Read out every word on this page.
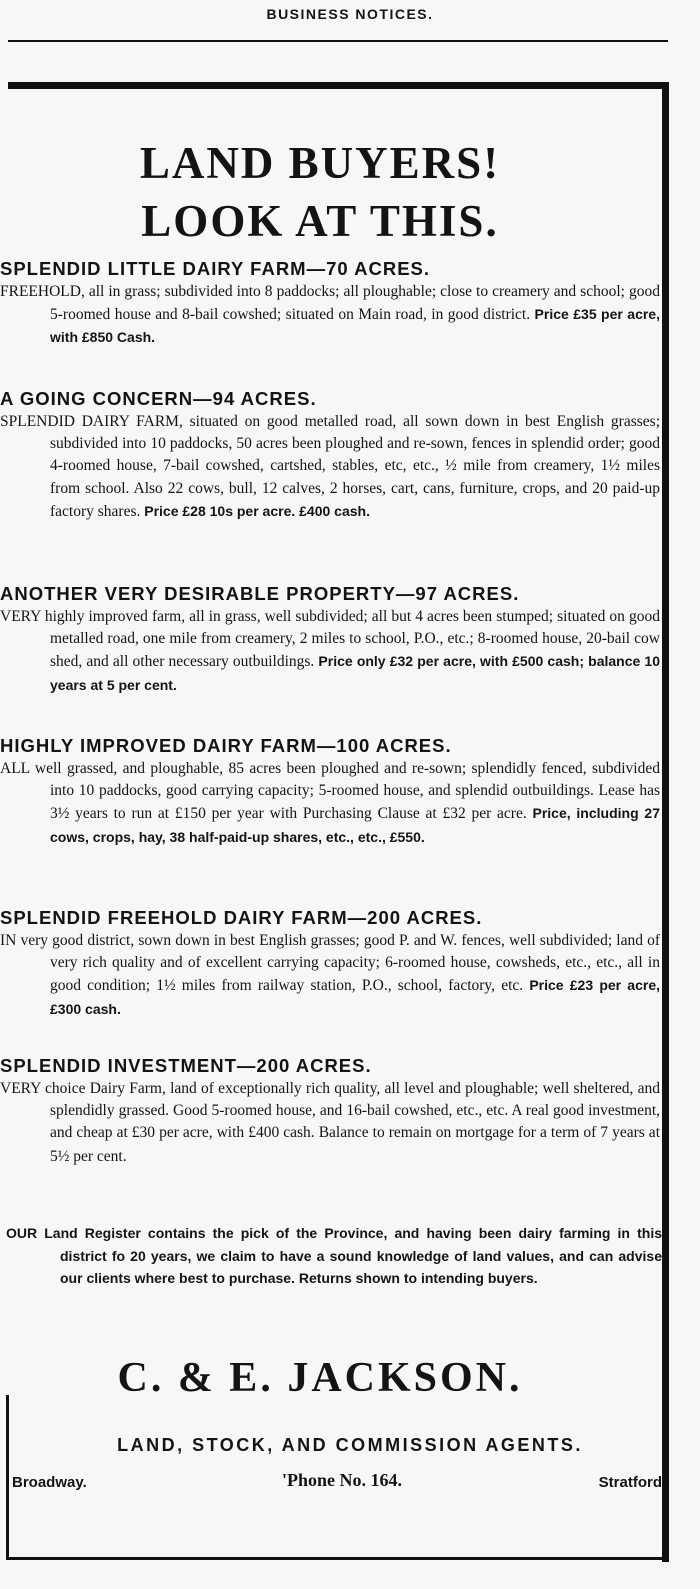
BUSINESS NOTICES.
LAND BUYERS!
LOOK AT THIS.
SPLENDID LITTLE DAIRY FARM—70 ACRES.
FREEHOLD, all in grass; subdivided into 8 paddocks; all ploughable; close to creamery and school; good 5-roomed house and 8-bail cowshed; situated on Main road, in good district. Price £35 per acre, with £850 Cash.
A GOING CONCERN—94 ACRES.
SPLENDID DAIRY FARM, situated on good metalled road, all sown down in best English grasses; subdivided into 10 paddocks, 50 acres been ploughed and re-sown, fences in splendid order; good 4-roomed house, 7-bail cowshed, cartshed, stables, etc, etc., ½ mile from creamery, 1½ miles from school. Also 22 cows, bull, 12 calves, 2 horses, cart, cans, furniture, crops, and 20 paid-up factory shares. Price £28 10s per acre. £400 cash.
ANOTHER VERY DESIRABLE PROPERTY—97 ACRES.
VERY highly improved farm, all in grass, well subdivided; all but 4 acres been stumped; situated on good metalled road, one mile from creamery, 2 miles to school, P.O., etc.; 8-roomed house, 20-bail cow shed, and all other necessary outbuildings. Price only £32 per acre, with £500 cash; balance 10 years at 5 per cent.
HIGHLY IMPROVED DAIRY FARM—100 ACRES.
ALL well grassed, and ploughable, 85 acres been ploughed and re-sown; splendidly fenced, subdivided into 10 paddocks, good carrying capacity; 5-roomed house, and splendid outbuildings. Lease has 3½ years to run at £150 per year with Purchasing Clause at £32 per acre. Price, including 27 cows, crops, hay, 38 half-paid-up shares, etc., etc., £550.
SPLENDID FREEHOLD DAIRY FARM—200 ACRES.
IN very good district, sown down in best English grasses; good P. and W. fences, well subdivided; land of very rich quality and of excellent carrying capacity; 6-roomed house, cowsheds, etc., etc., all in good condition; 1½ miles from railway station, P.O., school, factory, etc. Price £23 per acre, £300 cash.
SPLENDID INVESTMENT—200 ACRES.
VERY choice Dairy Farm, land of exceptionally rich quality, all level and ploughable; well sheltered, and splendidly grassed. Good 5-roomed house, and 16-bail cowshed, etc., etc. A real good investment, and cheap at £30 per acre, with £400 cash. Balance to remain on mortgage for a term of 7 years at 5½ per cent.
OUR Land Register contains the pick of the Province, and having been dairy farming in this district fo 20 years, we claim to have a sound knowledge of land values, and can advise our clients where best to purchase. Returns shown to intending buyers.
C. & E. JACKSON.
LAND, STOCK, AND COMMISSION AGENTS.
Broadway.	'Phone No. 164.	Stratford
